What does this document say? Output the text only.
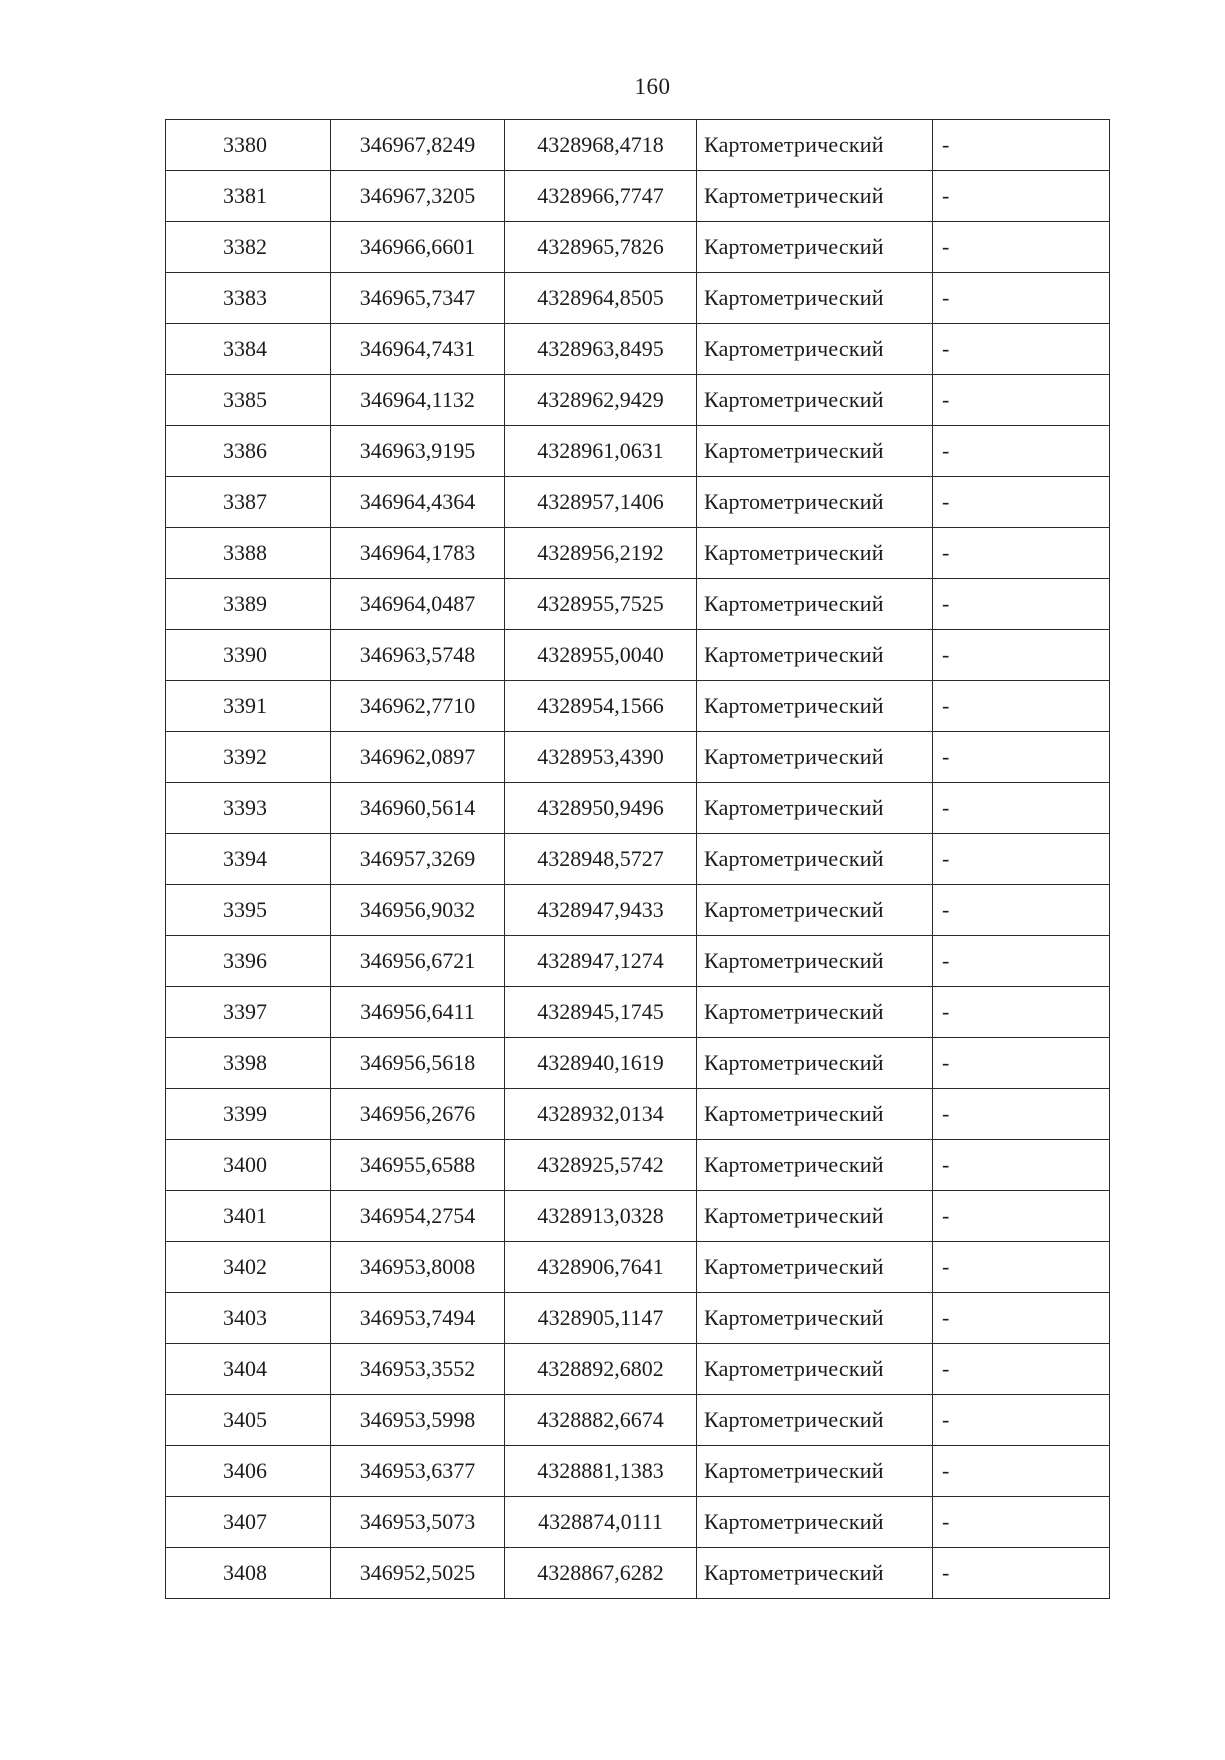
160
3380	346967,8249	4328968,4718	Картометрический	-
3381	346967,3205	4328966,7747	Картометрический	-
3382	346966,6601	4328965,7826	Картометрический	-
3383	346965,7347	4328964,8505	Картометрический	-
3384	346964,7431	4328963,8495	Картометрический	-
3385	346964,1132	4328962,9429	Картометрический	-
3386	346963,9195	4328961,0631	Картометрический	-
3387	346964,4364	4328957,1406	Картометрический	-
3388	346964,1783	4328956,2192	Картометрический	-
3389	346964,0487	4328955,7525	Картометрический	-
3390	346963,5748	4328955,0040	Картометрический	-
3391	346962,7710	4328954,1566	Картометрический	-
3392	346962,0897	4328953,4390	Картометрический	-
3393	346960,5614	4328950,9496	Картометрический	-
3394	346957,3269	4328948,5727	Картометрический	-
3395	346956,9032	4328947,9433	Картометрический	-
3396	346956,6721	4328947,1274	Картометрический	-
3397	346956,6411	4328945,1745	Картометрический	-
3398	346956,5618	4328940,1619	Картометрический	-
3399	346956,2676	4328932,0134	Картометрический	-
3400	346955,6588	4328925,5742	Картометрический	-
3401	346954,2754	4328913,0328	Картометрический	-
3402	346953,8008	4328906,7641	Картометрический	-
3403	346953,7494	4328905,1147	Картометрический	-
3404	346953,3552	4328892,6802	Картометрический	-
3405	346953,5998	4328882,6674	Картометрический	-
3406	346953,6377	4328881,1383	Картометрический	-
3407	346953,5073	4328874,0111	Картометрический	-
3408	346952,5025	4328867,6282	Картометрический	-
